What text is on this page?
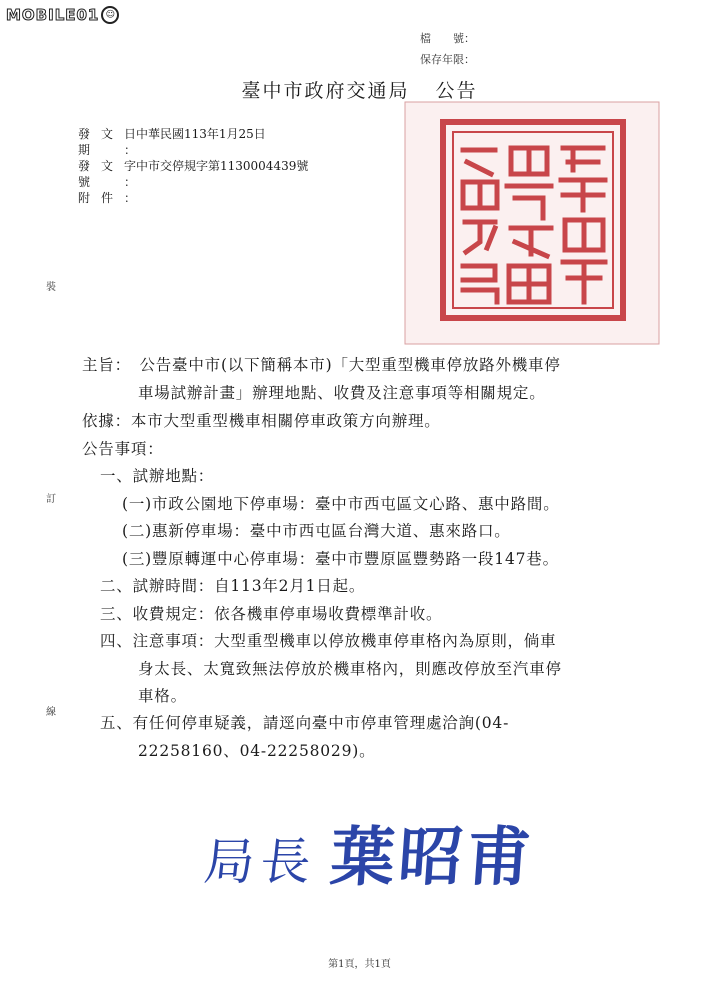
MOBILE01 ☺
檔　　號：
保存年限：
臺中市政府交通局 公告
發文日期：
中華民國113年1月25日
發文字號：
中市交停規字第1130004439號
附件：
裝
訂
線
主旨：　公告臺中市(以下簡稱本市)「大型重型機車停放路外機車停
車場試辦計畫」辦理地點、收費及注意事項等相關規定。
依據：本市大型重型機車相關停車政策方向辦理。
公告事項：
一、試辦地點：
(一)市政公園地下停車場：臺中市西屯區文心路、惠中路間。
(二)惠新停車場：臺中市西屯區台灣大道、惠來路口。
(三)豐原轉運中心停車場：臺中市豐原區豐勢路一段147巷。
二、試辦時間：自113年2月1日起。
三、收費規定：依各機車停車場收費標準計收。
四、注意事項：大型重型機車以停放機車停車格內為原則，倘車
身太長、太寬致無法停放於機車格內，則應改停放至汽車停
車格。
五、有任何停車疑義，請逕向臺中市停車管理處洽詢(04-
22258160、04-22258029)。
局長 葉昭甫
第1頁，共1頁
